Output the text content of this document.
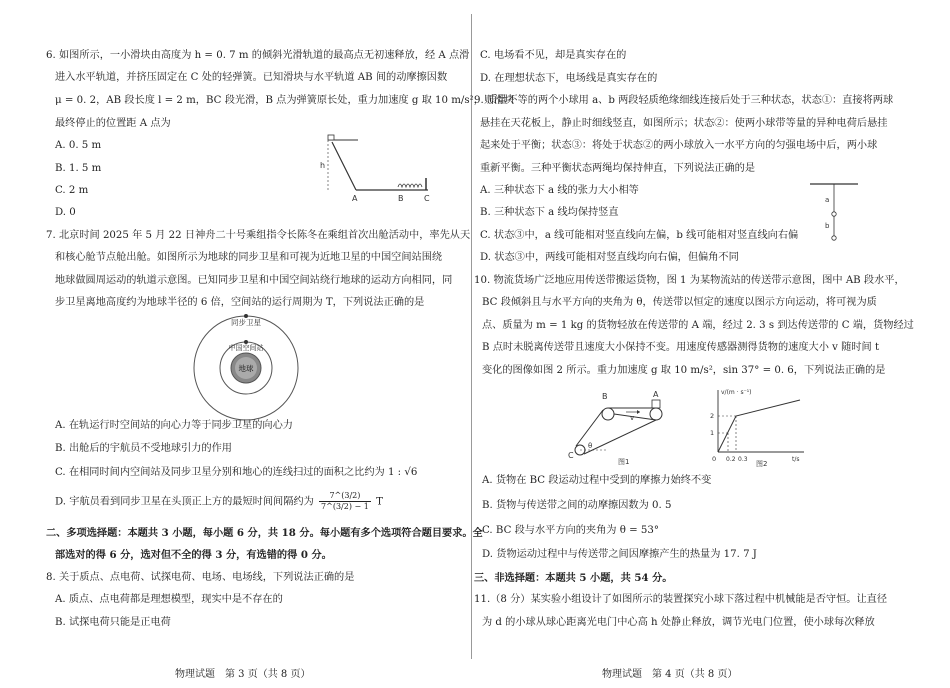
6. 如图所示，一小滑块由高度为 h = 0. 7 m 的倾斜光滑轨道的最高点无初速释放，经 A 点滑
进入水平轨道，并挤压固定在 C 处的轻弹簧。已知滑块与水平轨道 AB 间的动摩擦因数
μ = 0. 2，AB 段长度 l = 2 m，BC 段光滑，B 点为弹簧原长处，重力加速度 g 取 10 m/s²，则滑块
最终停止的位置距 A 点为
A. 0. 5 m
B. 1. 5 m
C. 2 m
D. 0
h
A	B	C
7. 北京时间 2025 年 5 月 22 日神舟二十号乘组指令长陈冬在乘组首次出舱活动中，率先从天
和核心舱节点舱出舱。如图所示为地球的同步卫星和可视为近地卫星的中国空间站围绕
地球做圆周运动的轨道示意图。已知同步卫星和中国空间站绕行地球的运动方向相同，同
步卫星离地高度约为地球半径的 6 倍，空间站的运行周期为 T，下列说法正确的是
同步卫星
中国空间站
地球
A. 在轨运行时空间站的向心力等于同步卫星的向心力
B. 出舱后的宇航员不受地球引力的作用
C. 在相同时间内空间站及同步卫星分别和地心的连线扫过的面积之比约为 1 : √6
D. 宇航员看到同步卫星在头顶正上方的最短时间间隔约为 $\frac{7\^{}(3/2)}{7\^{}(3/2) - 1}$ T
二、多项选择题：本题共 3 小题，每小题 6 分，共 18 分。每小题有多个选项符合题目要求。全
部选对的得 6 分，选对但不全的得 3 分，有选错的得 0 分。
8. 关于质点、点电荷、试探电荷、电场、电场线，下列说法正确的是
A. 质点、点电荷都是理想模型，现实中是不存在的
B. 试探电荷只能是正电荷
物理试题　第 3 页（共 8 页）
C. 电场看不见，却是真实存在的
D. 在理想状态下，电场线是真实存在的
9. 质量不等的两个小球用 a、b 两段轻质绝缘细线连接后处于三种状态，状态①：直接将两球
悬挂在天花板上，静止时细线竖直，如图所示；状态②：使两小球带等量的异种电荷后悬挂
起来处于平衡；状态③：将处于状态②的两小球放入一水平方向的匀强电场中后，两小球
重新平衡。三种平衡状态两绳均保持伸直，下列说法正确的是
A. 三种状态下 a 线的张力大小相等
B. 三种状态下 a 线均保持竖直
C. 状态③中，a 线可能相对竖直线向左偏，b 线可能相对竖直线向右偏
D. 状态③中，两线可能相对竖直线均向右偏，但偏角不同
a
b
10. 物流货场广泛地应用传送带搬运货物，图 1 为某物流站的传送带示意图，图中 AB 段水平，
BC 段倾斜且与水平方向的夹角为 θ，传送带以恒定的速度以图示方向运动，将可视为质
点、质量为 m = 1 kg 的货物轻放在传送带的 A 端，经过 2. 3 s 到达传送带的 C 端，货物经过
B 点时未脱离传送带且速度大小保持不变。用速度传感器测得货物的速度大小 v 随时间 t
变化的图像如图 2 所示。重力加速度 g 取 10 m/s²，sin 37° = 0. 6，下列说法正确的是
A
θ
v
B
C
图1
v/(m · s⁻¹)
t/s
2
1
0 0.2 0.3
图2
A. 货物在 BC 段运动过程中受到的摩擦力始终不变
B. 货物与传送带之间的动摩擦因数为 0. 5
C. BC 段与水平方向的夹角为 θ = 53°
D. 货物运动过程中与传送带之间因摩擦产生的热量为 17. 7 J
三、非选择题：本题共 5 小题，共 54 分。
11.（8 分）某实验小组设计了如图所示的装置探究小球下落过程中机械能是否守恒。让直径
为 d 的小球从球心距离光电门中心高 h 处静止释放，调节光电门位置，使小球每次释放
物理试题　第 4 页（共 8 页）
